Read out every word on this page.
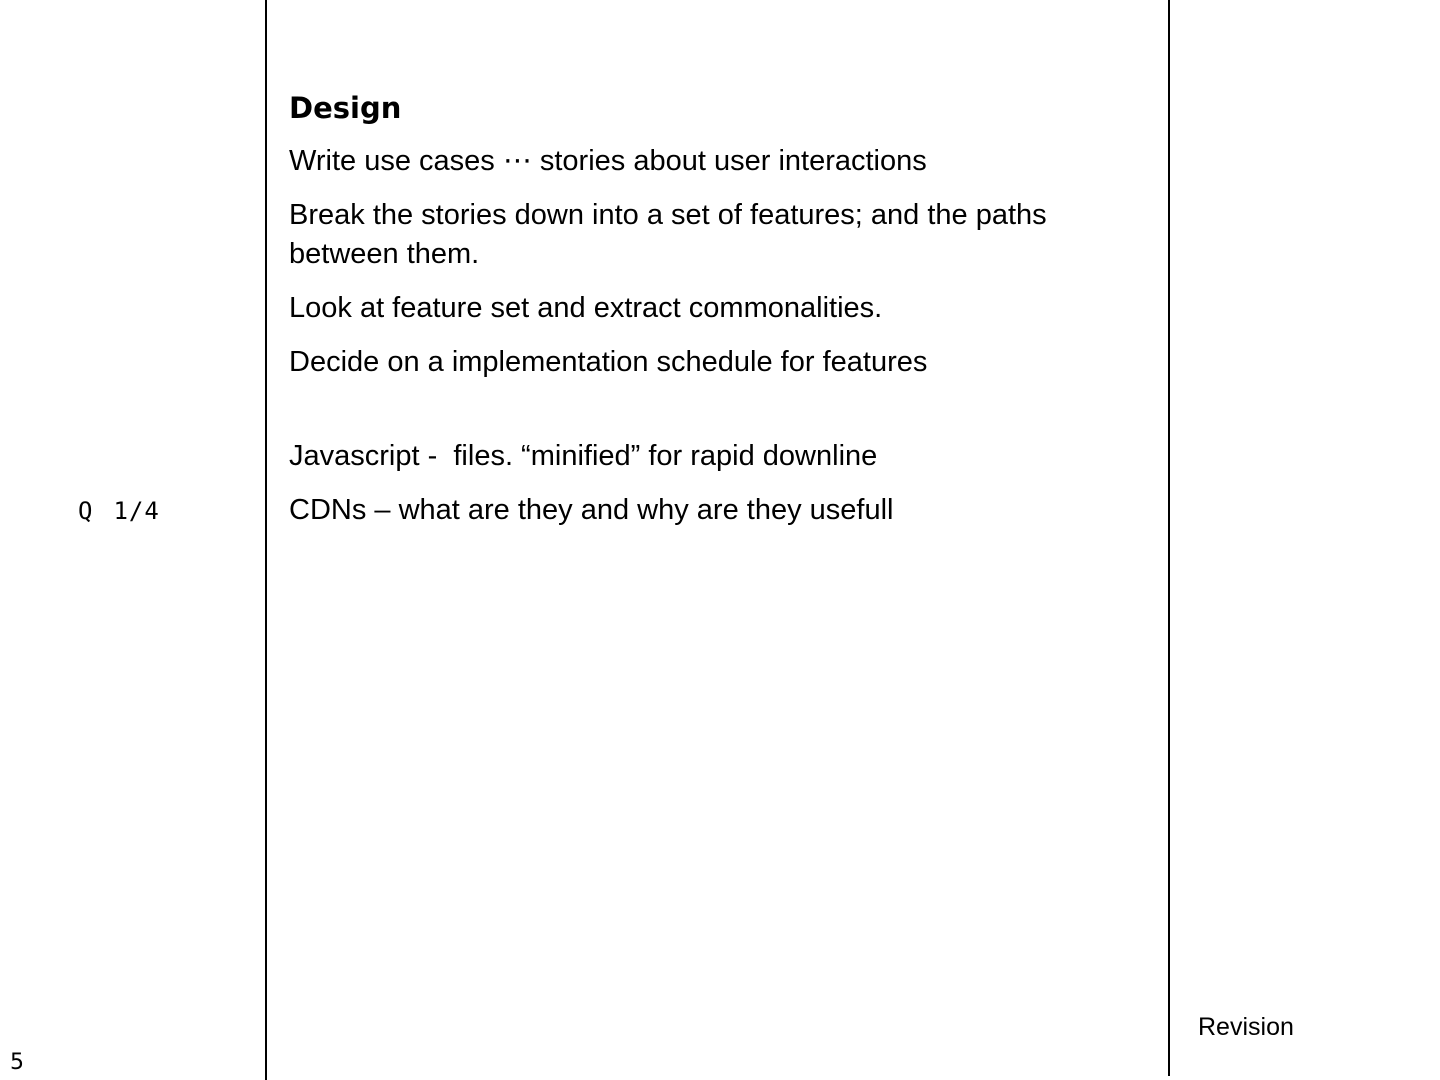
Q 1/4
5
Design
Write use cases ⋯ stories about user interactions
Break the stories down into a set of features; and the paths between them.
Look at feature set and extract commonalities.
Decide on a implementation schedule for features
Javascript -  files. “minified” for rapid downline
CDNs – what are they and why are they usefull
Revision
